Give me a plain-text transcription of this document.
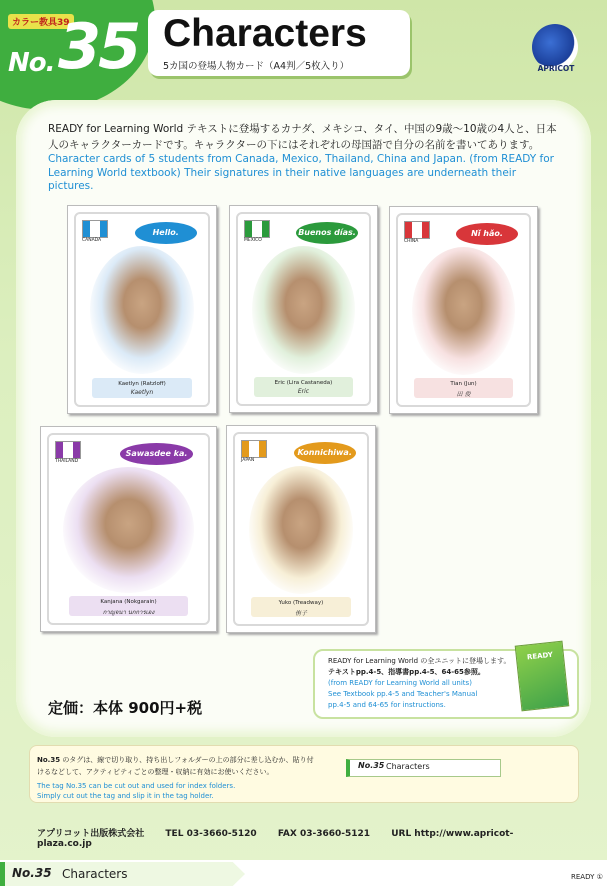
カラー教具39
No. 35 Characters
5カ国の登場人物カード（A4判／5枚入り）	APRICOT
READY for Learning World テキストに登場するカナダ、メキシコ、タイ、中国の9歳～10歳の4人と、日本人のキャラクターカードです。キャラクターの下にはそれぞれの母国語で自分の名前を書いてあります。
Character cards of 5 students from Canada, Mexico, Thailand, China and Japan. (from READY for Learning World textbook) Their signatures in their native languages are underneath their pictures.
CANADA
Hello.
Kaetlyn (Ratzloff)
Kaetlyn
MEXICO
Buenos días.
Eric (Lira Castaneda)
Eric
CHINA
Nǐ hǎo.
Tian (Jun)
田 俊
THAILAND
Sawasdee ka.
Kanjana (Nokgarain)
กาญจนา นกการเอง
JAPAN
Konnichiwa.
Yuko (Treadway)
侑子
定価：本体 900円+税
READY for Learning World の全ユニットに登場します。
テキストpp.4-5、指導書pp.4-5、64-65参照。
(from READY for Learning World all units)
See Textbook pp.4-5 and Teacher's Manual
pp.4-5 and 64-65 for instructions.
READY
No.35 のタグは、線で切り取り、持ち出しフォルダーの上の部分に差し込むか、貼り付けるなどして、アクティビティごとの整理・収納に有効にお使いください。
The tag No.35 can be cut out and used for index folders.
Simply cut out the tag and slip it in the tag holder.
No.35 Characters
アプリコット出版株式会社 TEL 03-3660-5120 FAX 03-3660-5121 URL http://www.apricot-plaza.co.jp
No.35 Characters	READY ①
